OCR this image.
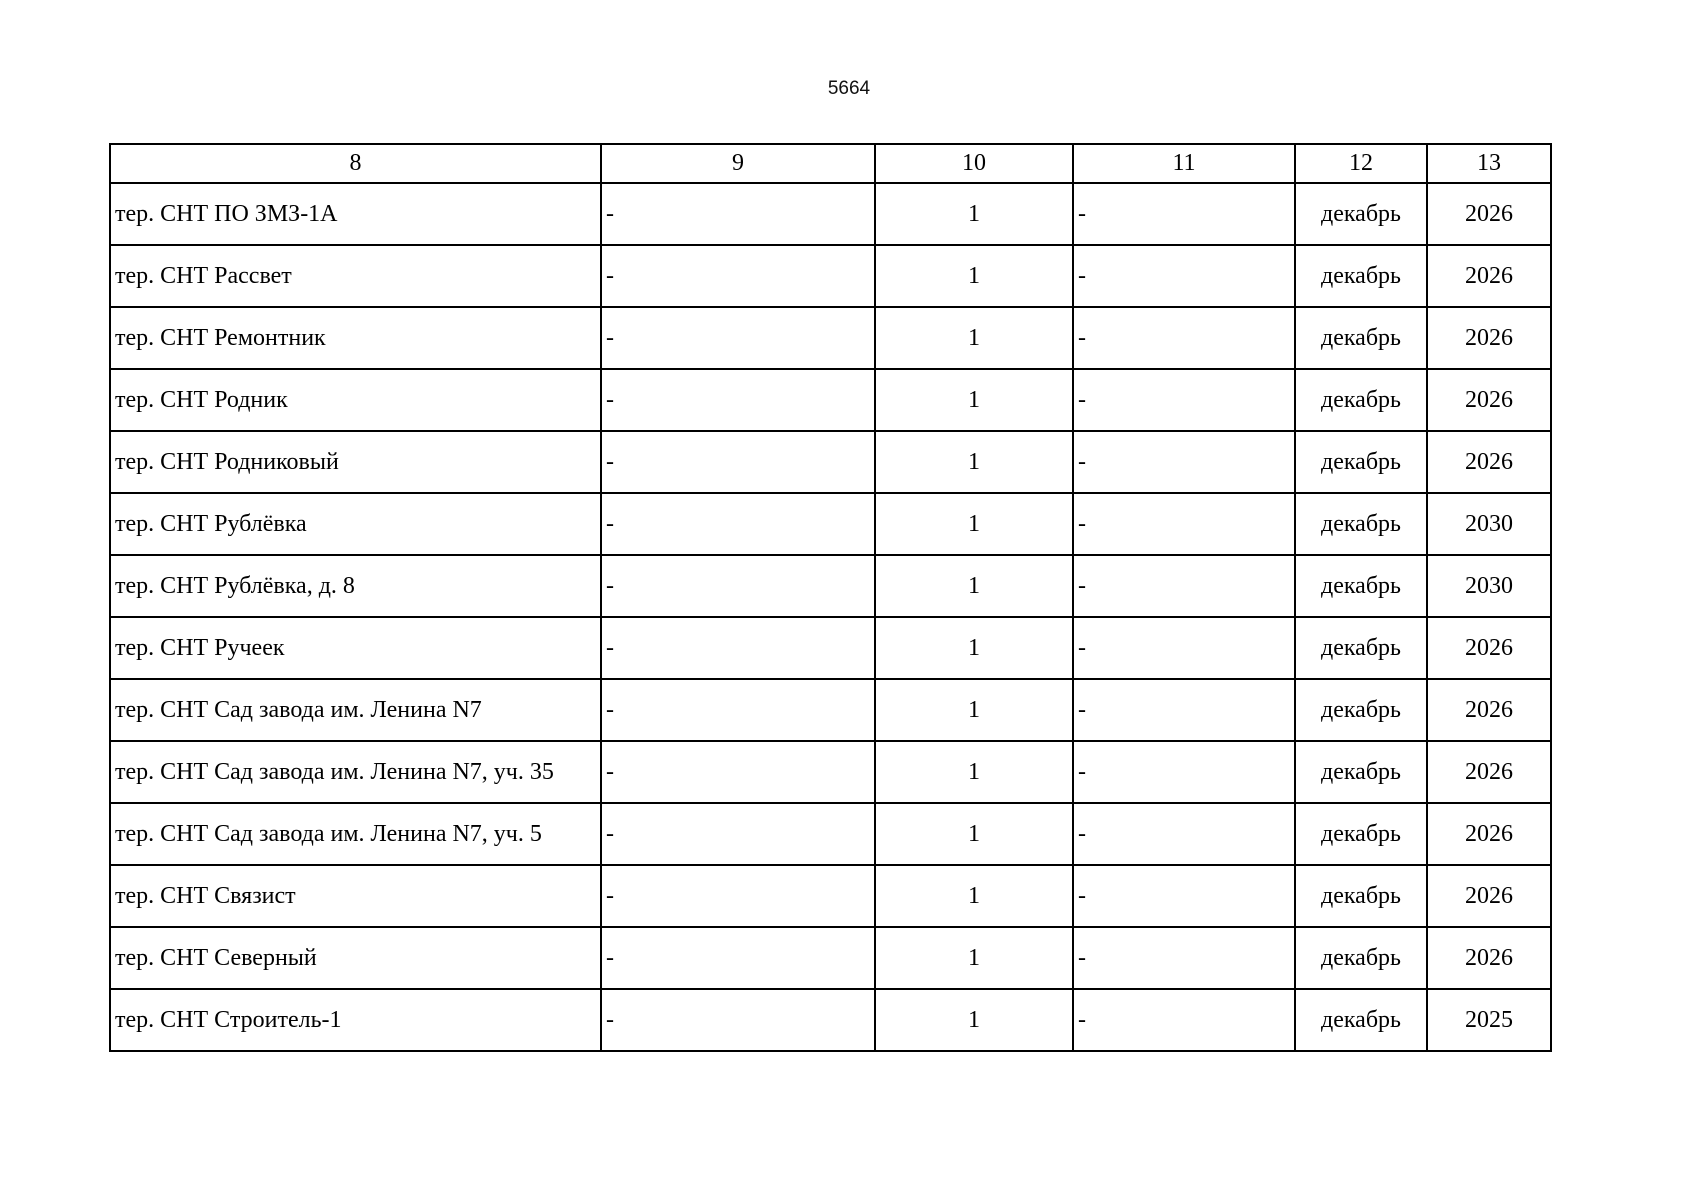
5664
8	9	10	11	12	13
тер. СНТ ПО ЗМЗ-1А	-	1	-	декабрь	2026
тер. СНТ Рассвет	-	1	-	декабрь	2026
тер. СНТ Ремонтник	-	1	-	декабрь	2026
тер. СНТ Родник	-	1	-	декабрь	2026
тер. СНТ Родниковый	-	1	-	декабрь	2026
тер. СНТ Рублёвка	-	1	-	декабрь	2030
тер. СНТ Рублёвка, д. 8	-	1	-	декабрь	2030
тер. СНТ Ручеек	-	1	-	декабрь	2026
тер. СНТ Сад завода им. Ленина N7	-	1	-	декабрь	2026
тер. СНТ Сад завода им. Ленина N7, уч. 35	-	1	-	декабрь	2026
тер. СНТ Сад завода им. Ленина N7, уч. 5	-	1	-	декабрь	2026
тер. СНТ Связист	-	1	-	декабрь	2026
тер. СНТ Северный	-	1	-	декабрь	2026
тер. СНТ Строитель-1	-	1	-	декабрь	2025
